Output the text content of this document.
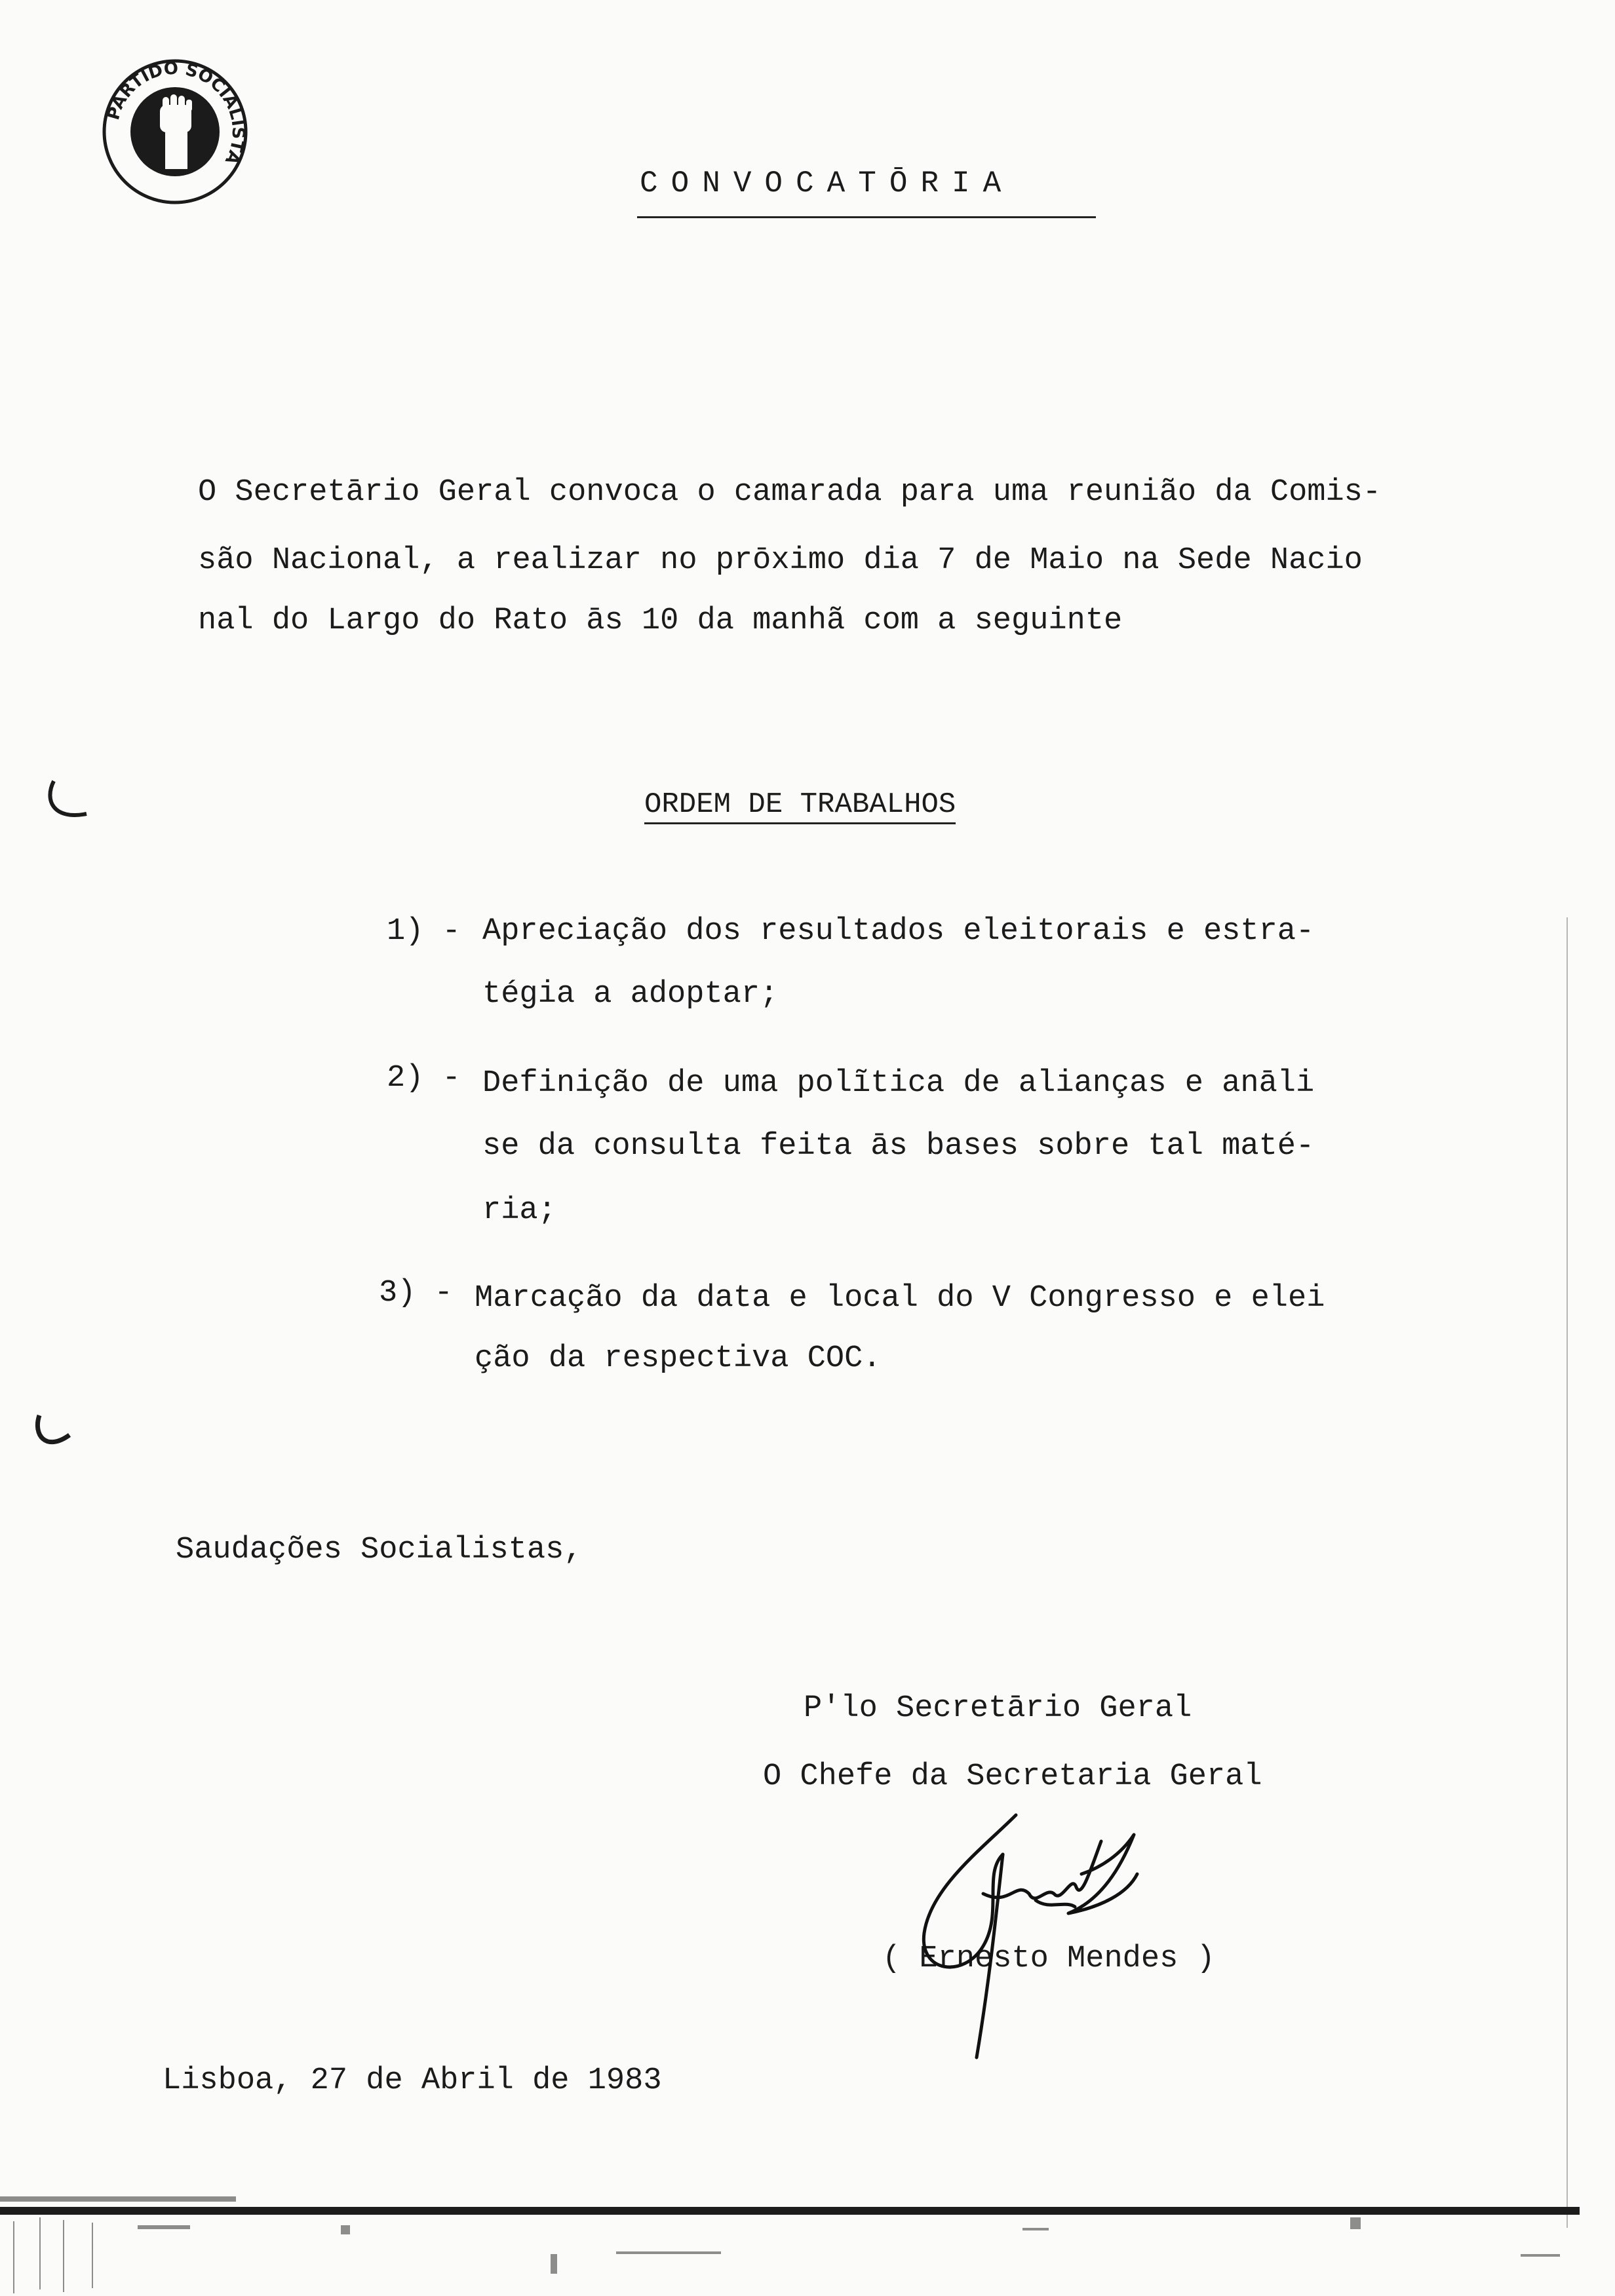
PARTIDO SOCIALISTA
CONVOCATŌRIA
O Secretārio Geral convoca o camarada para uma reunião da Comis-
são Nacional, a realizar no prōximo dia 7 de Maio na Sede Nacio
nal do Largo do Rato ās 10 da manhã com a seguinte
ORDEM DE TRABALHOS
1) - Apreciação dos resultados eleitorais e estra-
tégia a adoptar;
2) - Definição de uma polĩtica de alianças e anāli
se da consulta feita ās bases sobre tal maté-
ria;
3) - Marcação da data e local do V Congresso e elei
ção da respectiva COC.
Saudações Socialistas,
P'lo Secretārio Geral
O Chefe da Secretaria Geral
( Ernesto Mendes )
Lisboa, 27 de Abril de 1983
